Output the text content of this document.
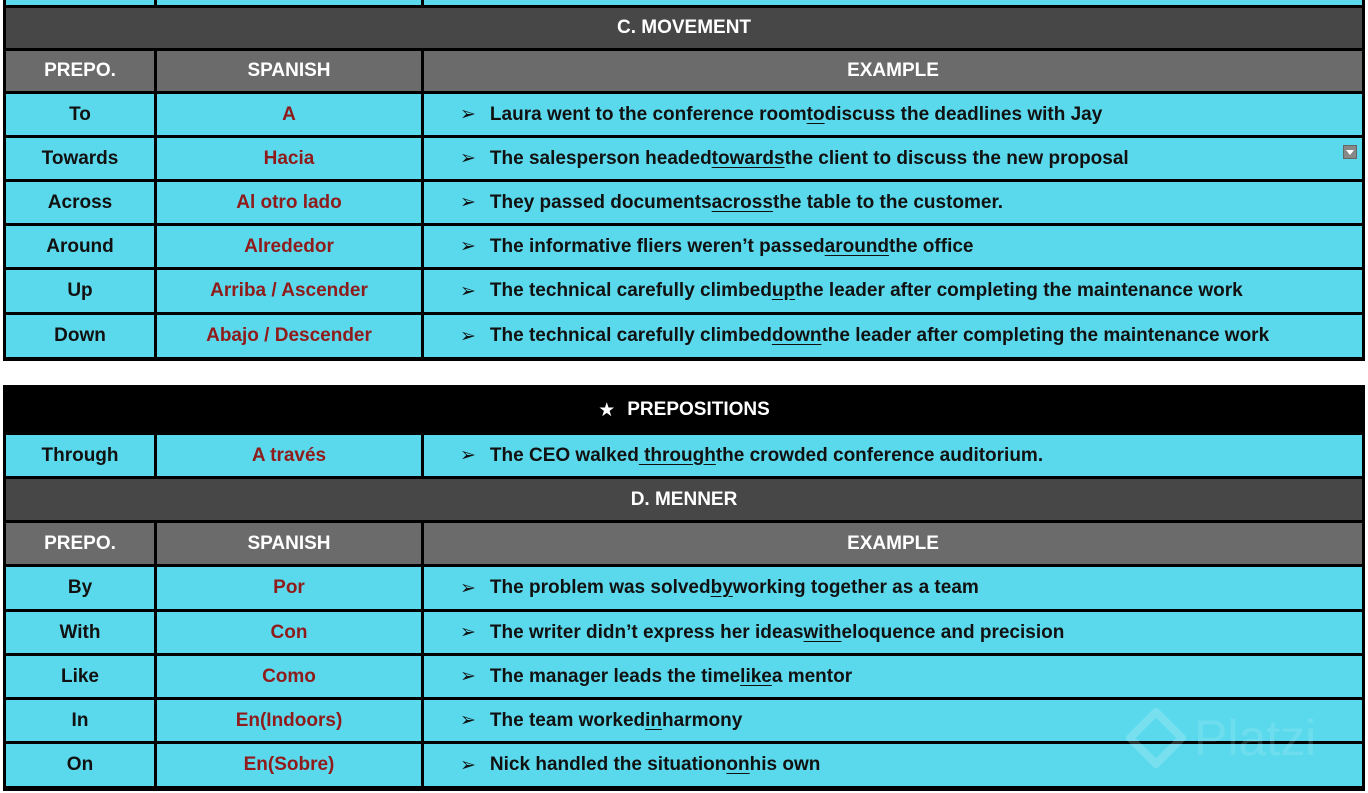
C. MOVEMENT
PREPO.	SPANISH	EXAMPLE
To	A	➢ Laura went to the conference room to discuss the deadlines with Jay
Towards	Hacia	➢ The salesperson headed towards the client to discuss the new proposal
Across	Al otro lado	➢ They passed documents across the table to the customer.
Around	Alrededor	➢ The informative fliers weren’t passed around the office
Up	Arriba / Ascender	➢ The technical carefully climbed up the leader after completing the maintenance work
Down	Abajo / Descender	➢ The technical carefully climbed down the leader after completing the maintenance work
★ PREPOSITIONS
Through	A través	➢ The CEO walked through the crowded conference auditorium.
D. MENNER
PREPO.	SPANISH	EXAMPLE
By	Por	➢ The problem was solved by working together as a team
With	Con	➢ The writer didn’t express her ideas with eloquence and precision
Like	Como	➢ The manager leads the time like a mentor
In	En(Indoors)	➢ The team worked in harmony
On	En(Sobre)	➢ Nick handled the situation on his own
